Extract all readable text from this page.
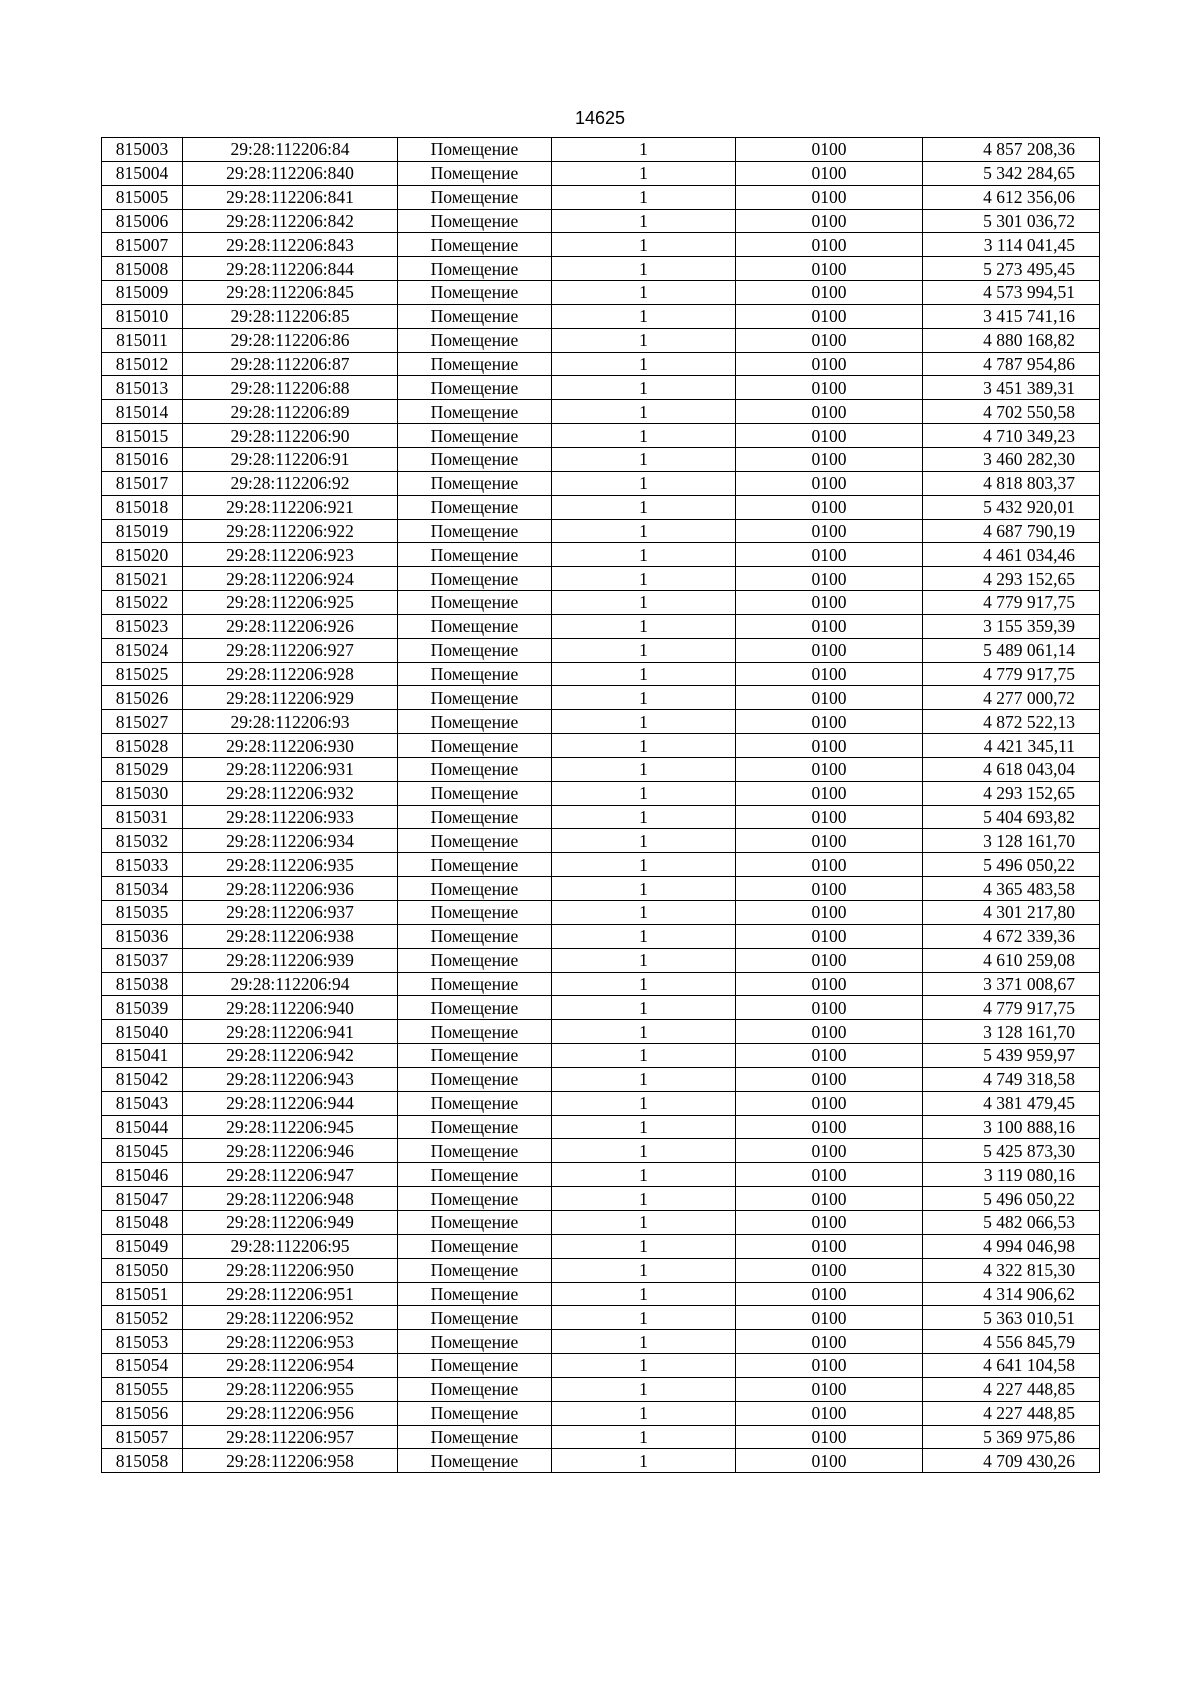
14625
815003	29:28:112206:84	Помещение	1	0100	4 857 208,36
815004	29:28:112206:840	Помещение	1	0100	5 342 284,65
815005	29:28:112206:841	Помещение	1	0100	4 612 356,06
815006	29:28:112206:842	Помещение	1	0100	5 301 036,72
815007	29:28:112206:843	Помещение	1	0100	3 114 041,45
815008	29:28:112206:844	Помещение	1	0100	5 273 495,45
815009	29:28:112206:845	Помещение	1	0100	4 573 994,51
815010	29:28:112206:85	Помещение	1	0100	3 415 741,16
815011	29:28:112206:86	Помещение	1	0100	4 880 168,82
815012	29:28:112206:87	Помещение	1	0100	4 787 954,86
815013	29:28:112206:88	Помещение	1	0100	3 451 389,31
815014	29:28:112206:89	Помещение	1	0100	4 702 550,58
815015	29:28:112206:90	Помещение	1	0100	4 710 349,23
815016	29:28:112206:91	Помещение	1	0100	3 460 282,30
815017	29:28:112206:92	Помещение	1	0100	4 818 803,37
815018	29:28:112206:921	Помещение	1	0100	5 432 920,01
815019	29:28:112206:922	Помещение	1	0100	4 687 790,19
815020	29:28:112206:923	Помещение	1	0100	4 461 034,46
815021	29:28:112206:924	Помещение	1	0100	4 293 152,65
815022	29:28:112206:925	Помещение	1	0100	4 779 917,75
815023	29:28:112206:926	Помещение	1	0100	3 155 359,39
815024	29:28:112206:927	Помещение	1	0100	5 489 061,14
815025	29:28:112206:928	Помещение	1	0100	4 779 917,75
815026	29:28:112206:929	Помещение	1	0100	4 277 000,72
815027	29:28:112206:93	Помещение	1	0100	4 872 522,13
815028	29:28:112206:930	Помещение	1	0100	4 421 345,11
815029	29:28:112206:931	Помещение	1	0100	4 618 043,04
815030	29:28:112206:932	Помещение	1	0100	4 293 152,65
815031	29:28:112206:933	Помещение	1	0100	5 404 693,82
815032	29:28:112206:934	Помещение	1	0100	3 128 161,70
815033	29:28:112206:935	Помещение	1	0100	5 496 050,22
815034	29:28:112206:936	Помещение	1	0100	4 365 483,58
815035	29:28:112206:937	Помещение	1	0100	4 301 217,80
815036	29:28:112206:938	Помещение	1	0100	4 672 339,36
815037	29:28:112206:939	Помещение	1	0100	4 610 259,08
815038	29:28:112206:94	Помещение	1	0100	3 371 008,67
815039	29:28:112206:940	Помещение	1	0100	4 779 917,75
815040	29:28:112206:941	Помещение	1	0100	3 128 161,70
815041	29:28:112206:942	Помещение	1	0100	5 439 959,97
815042	29:28:112206:943	Помещение	1	0100	4 749 318,58
815043	29:28:112206:944	Помещение	1	0100	4 381 479,45
815044	29:28:112206:945	Помещение	1	0100	3 100 888,16
815045	29:28:112206:946	Помещение	1	0100	5 425 873,30
815046	29:28:112206:947	Помещение	1	0100	3 119 080,16
815047	29:28:112206:948	Помещение	1	0100	5 496 050,22
815048	29:28:112206:949	Помещение	1	0100	5 482 066,53
815049	29:28:112206:95	Помещение	1	0100	4 994 046,98
815050	29:28:112206:950	Помещение	1	0100	4 322 815,30
815051	29:28:112206:951	Помещение	1	0100	4 314 906,62
815052	29:28:112206:952	Помещение	1	0100	5 363 010,51
815053	29:28:112206:953	Помещение	1	0100	4 556 845,79
815054	29:28:112206:954	Помещение	1	0100	4 641 104,58
815055	29:28:112206:955	Помещение	1	0100	4 227 448,85
815056	29:28:112206:956	Помещение	1	0100	4 227 448,85
815057	29:28:112206:957	Помещение	1	0100	5 369 975,86
815058	29:28:112206:958	Помещение	1	0100	4 709 430,26
